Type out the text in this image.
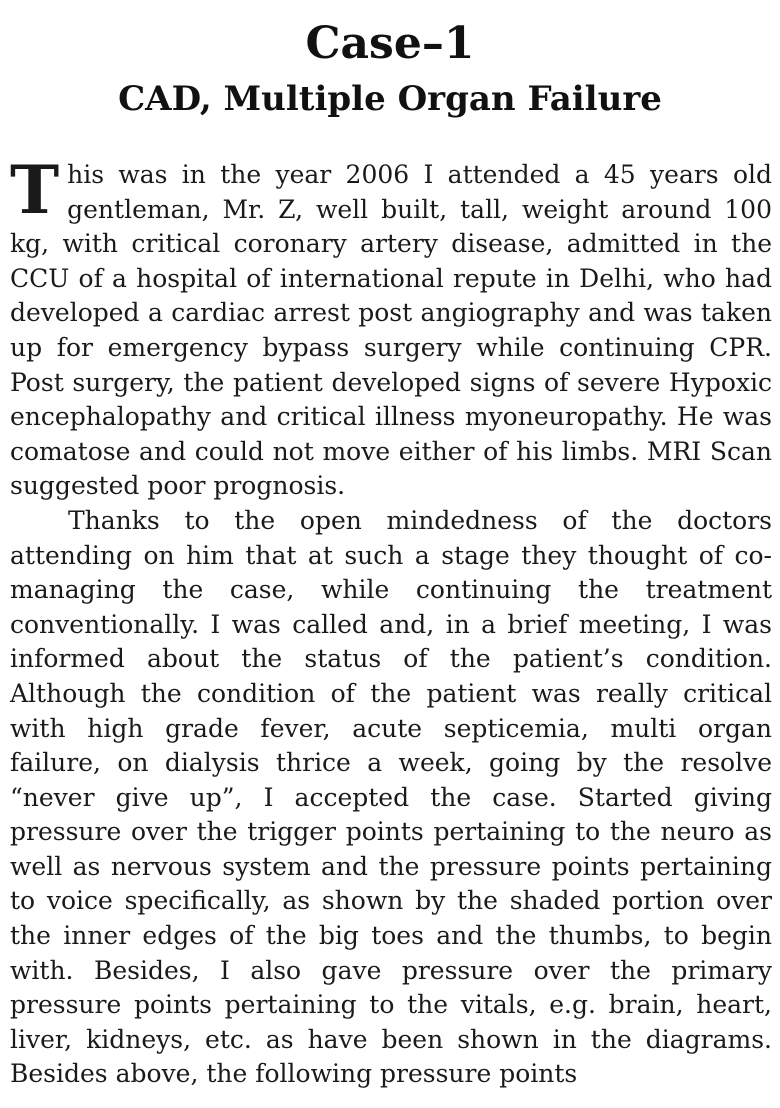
Case–1
CAD, Multiple Organ Failure

This was in the year 2006 I attended a 45 years old gentleman, Mr. Z, well built, tall, weight around 100 kg, with critical coronary artery disease, admitted in the CCU of a hospital of international repute in Delhi, who had developed a cardiac arrest post angiography and was taken up for emergency bypass surgery while continuing CPR. Post surgery, the patient developed signs of severe Hypoxic encephalopathy and critical illness myoneuropathy. He was comatose and could not move either of his limbs. MRI Scan suggested poor prognosis.

Thanks to the open mindedness of the doctors attending on him that at such a stage they thought of co-managing the case, while continuing the treatment conventionally. I was called and, in a brief meeting, I was informed about the status of the patient’s condition. Although the condition of the patient was really critical with high grade fever, acute septicemia, multi organ failure, on dialysis thrice a week, going by the resolve “never give up”, I accepted the case. Started giving pressure over the trigger points pertaining to the neuro as well as nervous system and the pressure points pertaining to voice specifically, as shown by the shaded portion over the inner edges of the big toes and the thumbs, to begin with. Besides, I also gave pressure over the primary pressure points pertaining to the vitals, e.g. brain, heart, liver, kidneys, etc. as have been shown in the diagrams. Besides above, the following pressure points
